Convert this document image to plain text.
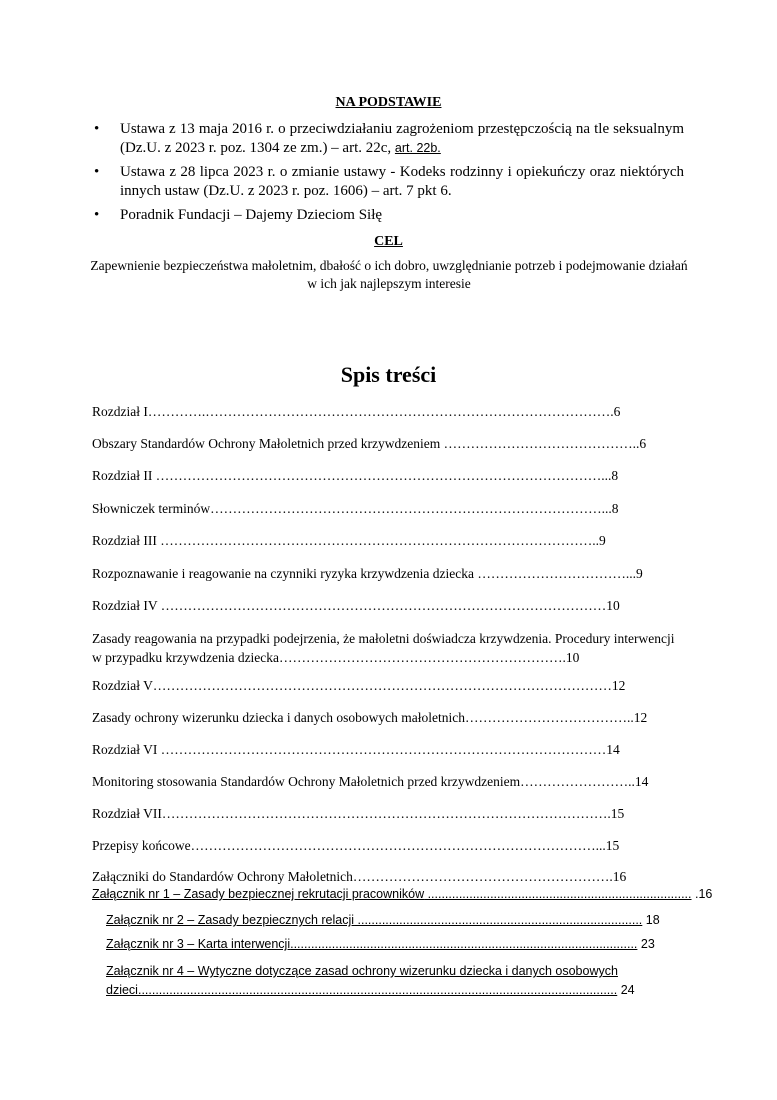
NA PODSTAWIE
• Ustawa z 13 maja 2016 r. o przeciwdziałaniu zagrożeniom przestępczością na tle seksualnym (Dz.U. z 2023 r. poz. 1304 ze zm.) – art. 22c, art. 22b.
• Ustawa z 28 lipca 2023 r. o zmianie ustawy - Kodeks rodzinny i opiekuńczy oraz niektórych innych ustaw (Dz.U. z 2023 r. poz. 1606) – art. 7 pkt 6.
• Poradnik Fundacji – Dajemy Dzieciom Siłę
CEL
Zapewnienie bezpieczeństwa małoletnim, dbałość o ich dobro, uwzględnianie potrzeb i podejmowanie działań w ich jak najlepszym interesie
Spis treści
Rozdział I………….……………………………………………………………………………….6
Obszary Standardów Ochrony Małoletnich przed krzywdzeniem ……………………………………..6
Rozdział II ………………………………………………………………………………………...8
Słowniczek terminów……………………………………………………………………………...8
Rozdział III ……………………………………………………………………………………..9
Rozpoznawanie i reagowanie na czynniki ryzyka krzywdzenia dziecka ……………………………...9
Rozdział IV ………………………………………………………………………………………10
Zasady reagowania na przypadki podejrzenia, że małoletni doświadcza krzywdzenia. Procedury interwencji w przypadku krzywdzenia dziecka……………………………………………………….10
Rozdział V…………………………………………………………………………………………12
Zasady ochrony wizerunku dziecka i danych osobowych małoletnich………………………………..12
Rozdział VI ………………………………………………………………………………………14
Monitoring stosowania Standardów Ochrony Małoletnich przed krzywdzeniem……………………..14
Rozdział VII……………………………………………………………………………………….15
Przepisy końcowe………………………………………………………………………………...15
Załączniki do Standardów Ochrony Małoletnich………………………………………………….16
Załącznik nr 1 – Zasady bezpiecznej rekrutacji pracowników ............................................................................ .16
Załącznik nr 2 – Zasady bezpiecznych relacji .................................................................................. 18
Załącznik nr 3 – Karta interwencji.................................................................................................... 23
Załącznik nr 4 – Wytyczne dotyczące zasad ochrony wizerunku dziecka i danych osobowych dzieci.......................................................................................................................................... 24
